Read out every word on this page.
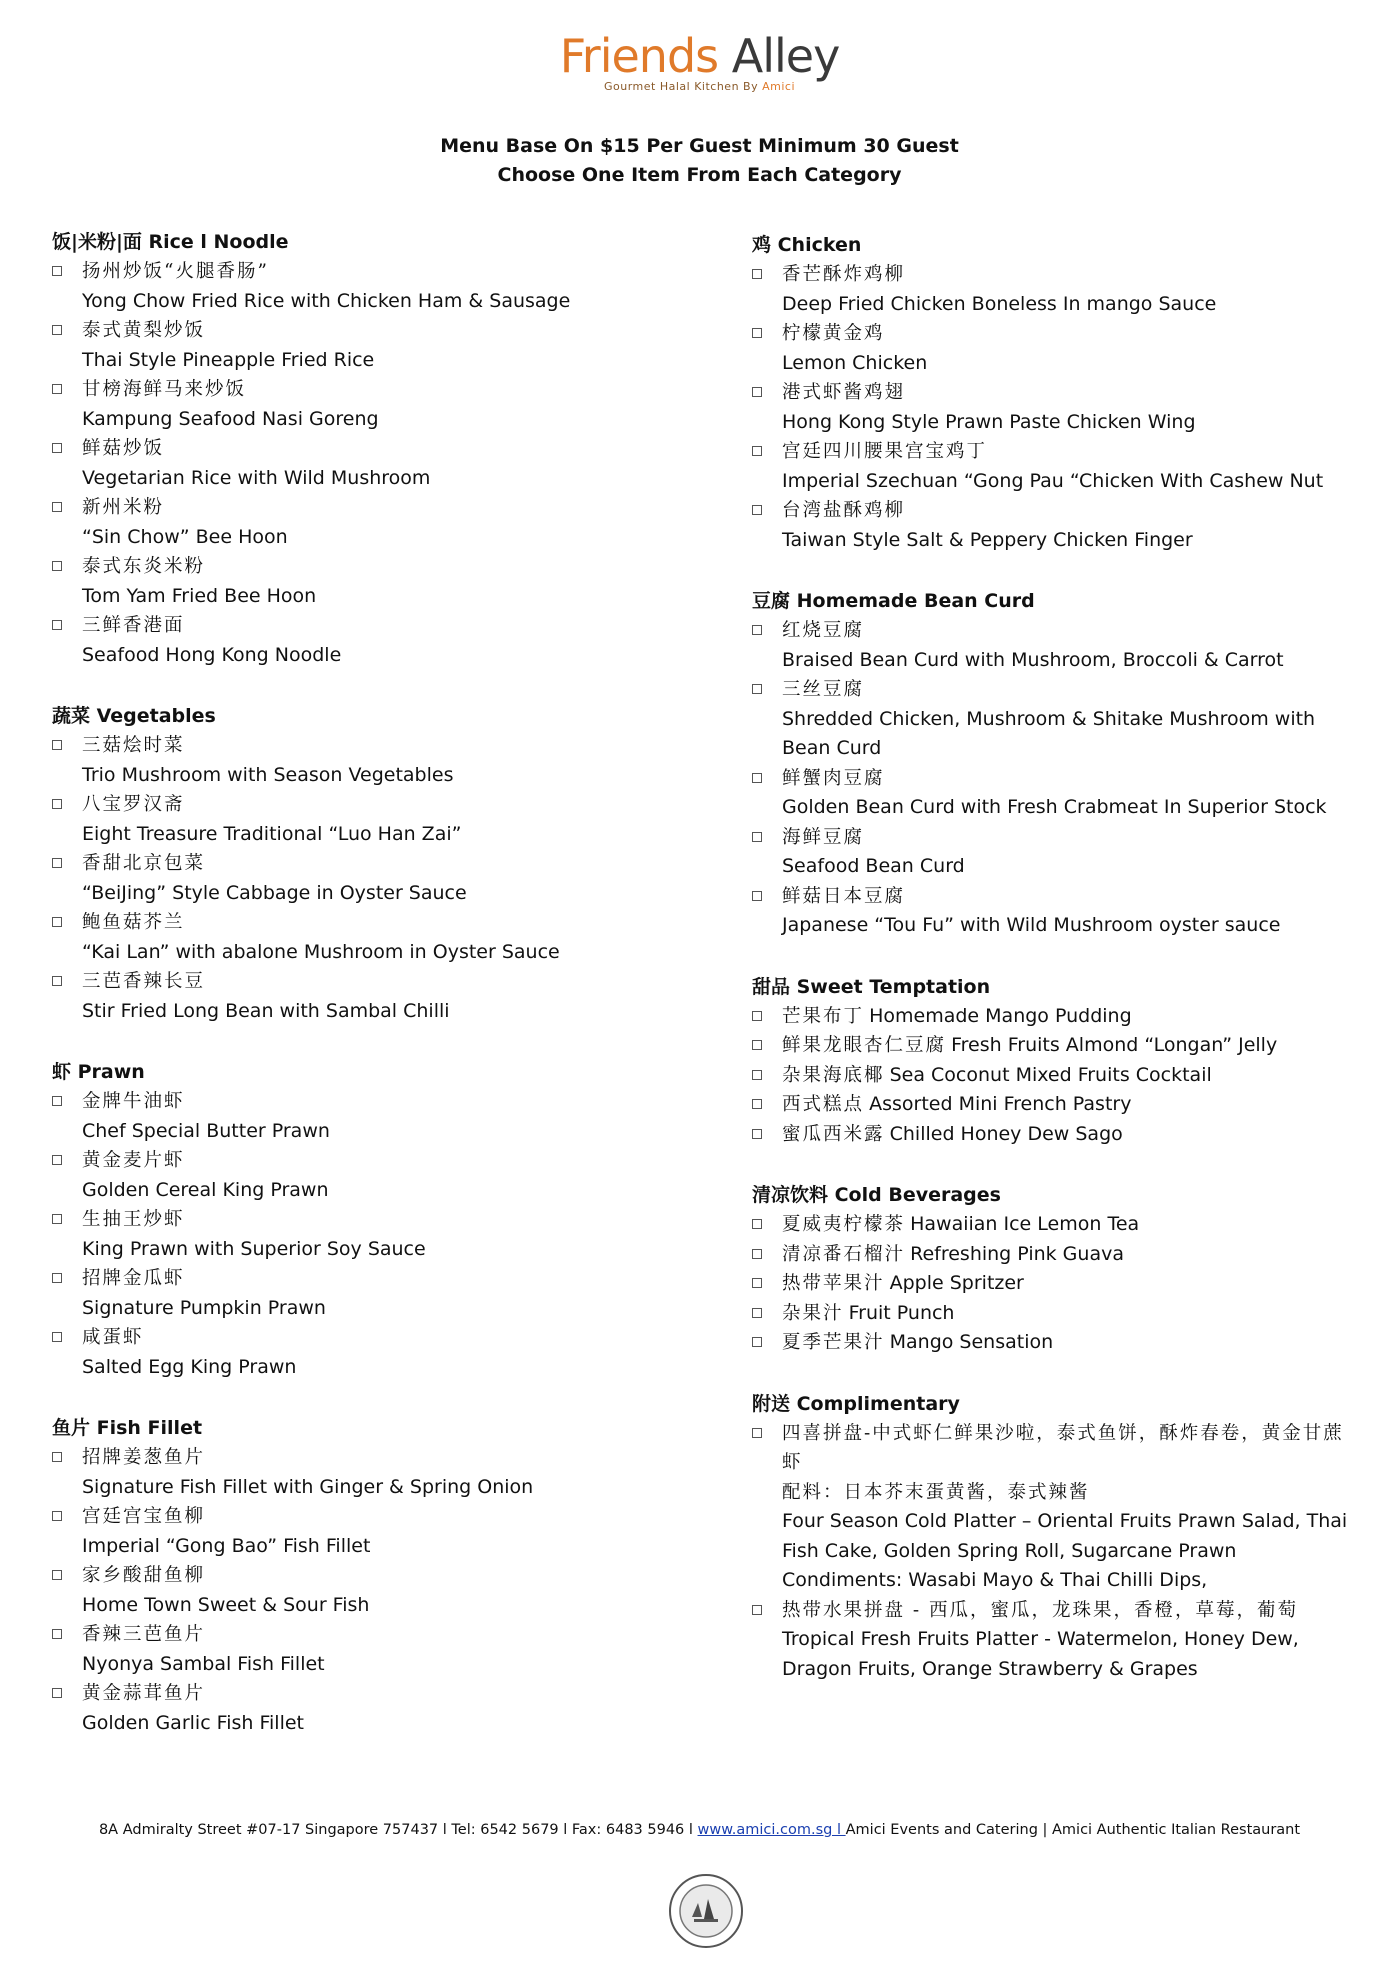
Friends Alley
Gourmet Halal Kitchen By Amici
Menu Base On $15 Per Guest Minimum 30 Guest
Choose One Item From Each Category
饭|米粉|面 Rice l Noodle
扬州炒饭“火腿香肠”
Yong Chow Fried Rice with Chicken Ham & Sausage
泰式黄梨炒饭
Thai Style Pineapple Fried Rice
甘榜海鲜马来炒饭
Kampung Seafood Nasi Goreng
鲜菇炒饭
Vegetarian Rice with Wild Mushroom
新州米粉
“Sin Chow” Bee Hoon
泰式东炎米粉
Tom Yam Fried Bee Hoon
三鲜香港面
Seafood Hong Kong Noodle
蔬菜 Vegetables
三菇烩时菜
Trio Mushroom with Season Vegetables
八宝罗汉斋
Eight Treasure Traditional “Luo Han Zai”
香甜北京包菜
“BeiJing” Style Cabbage in Oyster Sauce
鲍鱼菇芥兰
“Kai Lan” with abalone Mushroom in Oyster Sauce
三芭香辣长豆
Stir Fried Long Bean with Sambal Chilli
虾 Prawn
金牌牛油虾
Chef Special Butter Prawn
黄金麦片虾
Golden Cereal King Prawn
生抽王炒虾
King Prawn with Superior Soy Sauce
招牌金瓜虾
Signature Pumpkin Prawn
咸蛋虾
Salted Egg King Prawn
鱼片 Fish Fillet
招牌姜葱鱼片
Signature Fish Fillet with Ginger & Spring Onion
宫廷宫宝鱼柳
Imperial “Gong Bao” Fish Fillet
家乡酸甜鱼柳
Home Town Sweet & Sour Fish
香辣三芭鱼片
Nyonya Sambal Fish Fillet
黄金蒜茸鱼片
Golden Garlic Fish Fillet
鸡 Chicken
香芒酥炸鸡柳
Deep Fried Chicken Boneless In mango Sauce
柠檬黄金鸡
Lemon Chicken
港式虾酱鸡翅
Hong Kong Style Prawn Paste Chicken Wing
宫廷四川腰果宫宝鸡丁
Imperial Szechuan “Gong Pau “Chicken With Cashew Nut
台湾盐酥鸡柳
Taiwan Style Salt & Peppery Chicken Finger
豆腐 Homemade Bean Curd
红烧豆腐
Braised Bean Curd with Mushroom, Broccoli & Carrot
三丝豆腐
Shredded Chicken, Mushroom & Shitake Mushroom with Bean Curd
鲜蟹肉豆腐
Golden Bean Curd with Fresh Crabmeat In Superior Stock
海鲜豆腐
Seafood Bean Curd
鲜菇日本豆腐
Japanese “Tou Fu” with Wild Mushroom oyster sauce
甜品 Sweet Temptation
芒果布丁 Homemade Mango Pudding
鲜果龙眼杏仁豆腐 Fresh Fruits Almond “Longan” Jelly
杂果海底椰 Sea Coconut Mixed Fruits Cocktail
西式糕点 Assorted Mini French Pastry
蜜瓜西米露 Chilled Honey Dew Sago
清凉饮料 Cold Beverages
夏威夷柠檬茶 Hawaiian Ice Lemon Tea
清凉番石榴汁 Refreshing Pink Guava
热带苹果汁 Apple Spritzer
杂果汁 Fruit Punch
夏季芒果汁 Mango Sensation
附送 Complimentary
四喜拼盘-中式虾仁鲜果沙啦，泰式鱼饼，酥炸春卷，黄金甘蔗虾
配料：日本芥末蛋黄酱，泰式辣酱
Four Season Cold Platter – Oriental Fruits Prawn Salad, Thai Fish Cake, Golden Spring Roll, Sugarcane Prawn Condiments: Wasabi Mayo & Thai Chilli Dips,
热带水果拼盘 - 西瓜，蜜瓜，龙珠果，香橙，草莓，葡萄
Tropical Fresh Fruits Platter - Watermelon, Honey Dew, Dragon Fruits, Orange Strawberry & Grapes
8A Admiralty Street #07-17 Singapore 757437 l Tel: 6542 5679 l Fax: 6483 5946 l www.amici.com.sg l Amici Events and Catering | Amici Authentic Italian Restaurant
